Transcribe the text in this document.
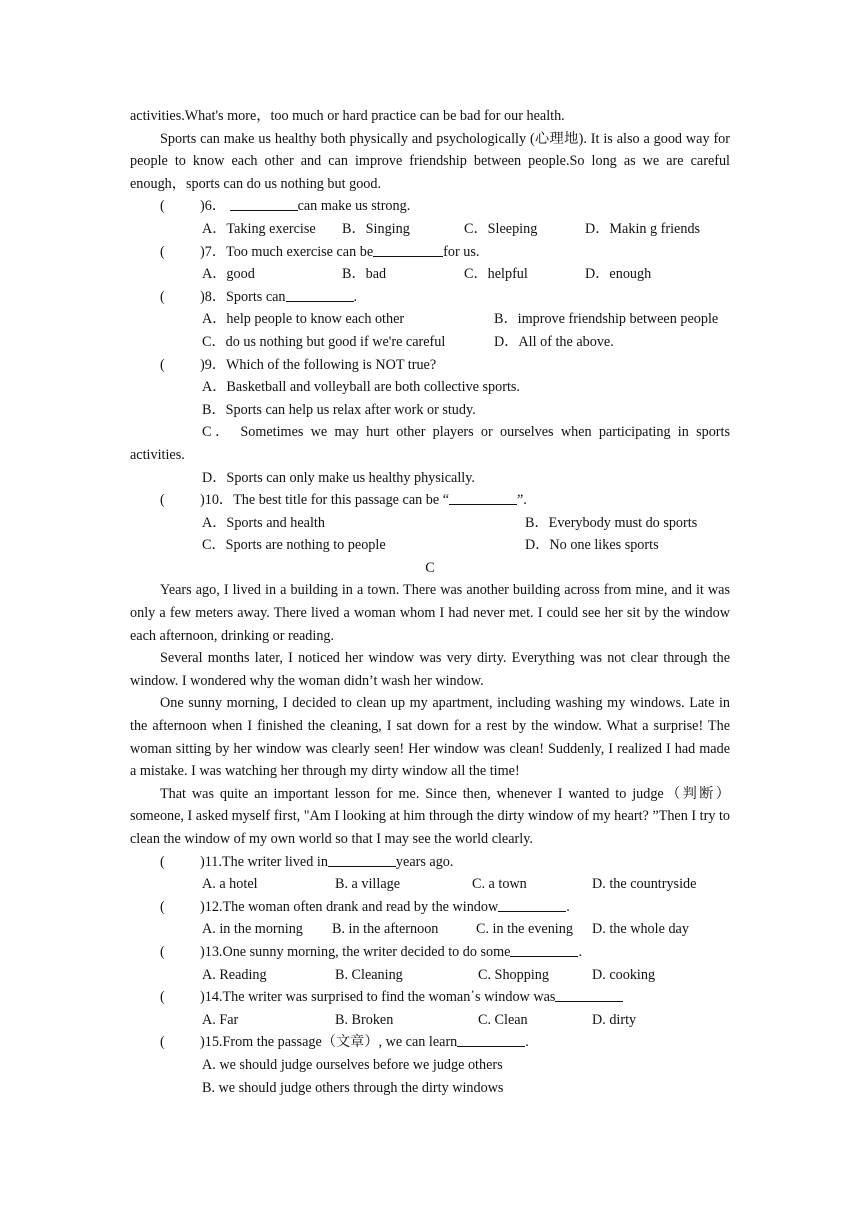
activities.What's more，too much or hard practice can be bad for our health.
Sports can make us healthy both physically and psychologically (心理地). It is also a good way for people to know each other and can improve friendship between people.So long as we are careful enough，sports can do us nothing but good.
(	) 6．
	can make us strong.
A．Taking exercise B．Singing	C．Sleeping	D．Makin g friends
(	) 7．Too much exercise can be	for us.
A．good	B．bad	C．helpful	D．enough
(	) 8．Sports can	.
A．help people to know each other	B．improve friendship between people
C．do us nothing but good if we're careful	D．All of the above.
(	) 9．Which of the following is NOT true?
A．Basketball and volleyball are both collective sports.
B．Sports can help us relax after work or study.
C． Sometimes we may hurt other players or ourselves when participating in sports activities.
D．Sports can only make us healthy physically.
(	) 10．The best title for this passage can be “	”.
A．Sports and health	B．Everybody must do sports
C．Sports are nothing to people	D．No one likes sports
C
Years ago, I lived in a building in a town. There was another building across from mine, and it was only a few meters away. There lived a woman whom I had never met. I could see her sit by the window each afternoon, drinking or reading.
Several months later, I noticed her window was very dirty. Everything was not clear through the window. I wondered why the woman didn’t wash her window.
One sunny morning, I decided to clean up my apartment, including washing my windows. Late in the afternoon when I finished the cleaning, I sat down for a rest by the window. What a surprise! The woman sitting by her window was clearly seen! Her window was clean! Suddenly, I realized I had made a mistake. I was watching her through my dirty window all the time!
That was quite an important lesson for me. Since then, whenever I wanted to judge（判断） someone, I asked myself first, "Am I looking at him through the dirty window of my heart? ”Then I try to clean the window of my own world so that I may see the world clearly.
(	)11.The writer lived in	years ago.
A. a hotel	B. a village	C. a town	D. the countryside
(	)12.The woman often drank and read by the window	.
A. in the morning B. in the afternoon	C. in the evening D. the whole day
(	)13.One sunny morning, the writer decided to do some	.
A. Reading	B. Cleaning	C. Shopping	D. cooking
(	)14.The writer was surprised to find the woman᾿s window was
A. Far	B. Broken	C. Clean	D. dirty
(	)15.From the passage（文章）, we can learn	.
A. we should judge ourselves before we judge others
B. we should judge others through the dirty windows
